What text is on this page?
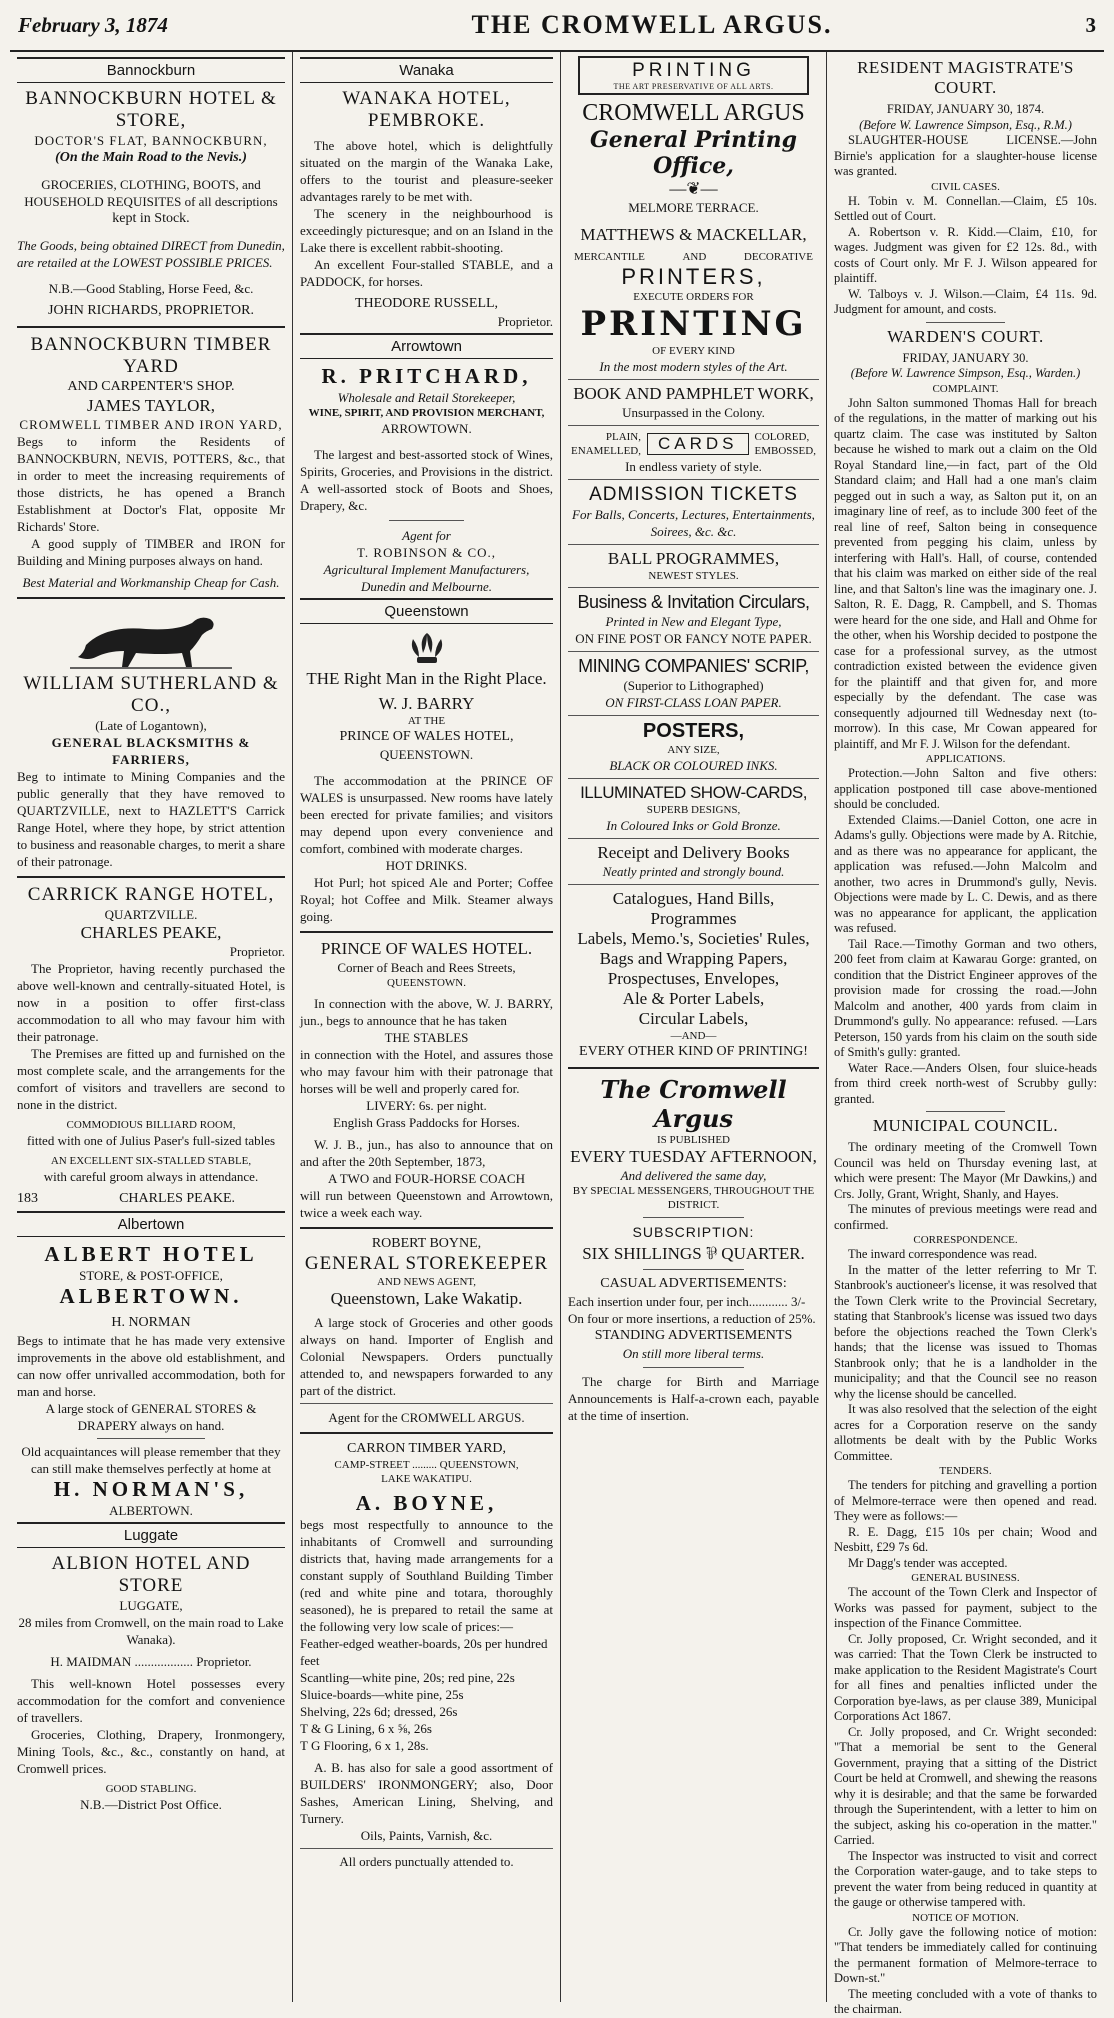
February 3, 1874	THE CROMWELL ARGUS.	3
Bannockburn

BANNOCKBURN HOTEL & STORE,

DOCTOR'S FLAT, BANNOCKBURN,

(On the Main Road to the Nevis.)

GROCERIES, CLOTHING, BOOTS, and HOUSEHOLD REQUISITES of all descriptions

kept in Stock.

The Goods, being obtained DIRECT from Dunedin, are retailed at the LOWEST POSSIBLE PRICES.

N.B.—Good Stabling, Horse Feed, &c.

JOHN RICHARDS, PROPRIETOR.

BANNOCKBURN TIMBER YARD

AND CARPENTER'S SHOP.

JAMES TAYLOR,

CROMWELL TIMBER AND IRON YARD,

Begs to inform the Residents of BANNOCKBURN, NEVIS, POTTERS, &c., that in order to meet the increasing requirements of those districts, he has opened a Branch Establishment at Doctor's Flat, opposite Mr Richards' Store.

A good supply of TIMBER and IRON for Building and Mining purposes always on hand.

Best Material and Workmanship Cheap for Cash.

WILLIAM SUTHERLAND & CO.,

(Late of Logantown),

GENERAL BLACKSMITHS & FARRIERS,

Beg to intimate to Mining Companies and the public generally that they have removed to QUARTZVILLE, next to HAZLETT'S Carrick Range Hotel, where they hope, by strict attention to business and reasonable charges, to merit a share of their patronage.

CARRICK RANGE HOTEL,

QUARTZVILLE.

CHARLES PEAKE,

Proprietor.

The Proprietor, having recently purchased the above well-known and centrally-situated Hotel, is now in a position to offer first-class accommodation to all who may favour him with their patronage.

The Premises are fitted up and furnished on the most complete scale, and the arrangements for the comfort of visitors and travellers are second to none in the district.

COMMODIOUS BILLIARD ROOM,

fitted with one of Julius Paser's full-sized tables

AN EXCELLENT SIX-STALLED STABLE,

with careful groom always in attendance.

183	CHARLES PEAKE.
Albertown

ALBERT HOTEL

STORE, & POST-OFFICE,

ALBERTOWN.

H. NORMAN

Begs to intimate that he has made very extensive improvements in the above old establishment, and can now offer unrivalled accommodation, both for man and horse.

A large stock of GENERAL STORES & DRAPERY always on hand.

Old acquaintances will please remember that they can still make themselves perfectly at home at

H. NORMAN'S,

ALBERTOWN.

Luggate

ALBION HOTEL AND STORE

LUGGATE,

28 miles from Cromwell, on the main road to Lake Wanaka).

H. MAIDMAN .................. Proprietor.

This well-known Hotel possesses every accommodation for the comfort and convenience of travellers.

Groceries, Clothing, Drapery, Ironmongery, Mining Tools, &c., &c., constantly on hand, at Cromwell prices.

GOOD STABLING.

N.B.—District Post Office.

Wanaka

WANAKA HOTEL, PEMBROKE.

The above hotel, which is delightfully situated on the margin of the Wanaka Lake, offers to the tourist and pleasure-seeker advantages rarely to be met with.

The scenery in the neighbourhood is exceedingly picturesque; and on an Island in the Lake there is excellent rabbit-shooting.

An excellent Four-stalled STABLE, and a PADDOCK, for horses.

THEODORE RUSSELL,

Proprietor.

Arrowtown

R. PRITCHARD,

Wholesale and Retail Storekeeper,

WINE, SPIRIT, AND PROVISION MERCHANT,

ARROWTOWN.

The largest and best-assorted stock of Wines, Spirits, Groceries, and Provisions in the district. A well-assorted stock of Boots and Shoes, Drapery, &c.

Agent for

T. ROBINSON & CO.,

Agricultural Implement Manufacturers,

Dunedin and Melbourne.

Queenstown

THE Right Man in the Right Place.

W. J. BARRY

AT THE

PRINCE OF WALES HOTEL,

QUEENSTOWN.

The accommodation at the PRINCE OF WALES is unsurpassed. New rooms have lately been erected for private families; and visitors may depend upon every convenience and comfort, combined with moderate charges.

HOT DRINKS.

Hot Purl; hot spiced Ale and Porter; Coffee Royal; hot Coffee and Milk. Steamer always going.

PRINCE OF WALES HOTEL.

Corner of Beach and Rees Streets,

QUEENSTOWN.

In connection with the above, W. J. BARRY, jun., begs to announce that he has taken

THE STABLES

in connection with the Hotel, and assures those who may favour him with their patronage that horses will be well and properly cared for.

LIVERY: 6s. per night.

English Grass Paddocks for Horses.

W. J. B., jun., has also to announce that on and after the 20th September, 1873,

A TWO and FOUR-HORSE COACH

will run between Queenstown and Arrowtown, twice a week each way.

ROBERT BOYNE,

GENERAL STOREKEEPER

AND NEWS AGENT,

Queenstown, Lake Wakatip.

A large stock of Groceries and other goods always on hand. Importer of English and Colonial Newspapers. Orders punctually attended to, and newspapers forwarded to any part of the district.

Agent for the CROMWELL ARGUS.

CARRON TIMBER YARD,

CAMP-STREET ......... QUEENSTOWN,

LAKE WAKATIPU.

A. BOYNE,

begs most respectfully to announce to the inhabitants of Cromwell and surrounding districts that, having made arrangements for a constant supply of Southland Building Timber (red and white pine and totara, thoroughly seasoned), he is prepared to retail the same at the following very low scale of prices:—

Feather-edged weather-boards, 20s per hundred feet

Scantling—white pine, 20s; red pine, 22s

Sluice-boards—white pine, 25s

Shelving, 22s 6d; dressed, 26s

T & G Lining, 6 x ⅝, 26s

T G Flooring, 6 x 1, 28s.

A. B. has also for sale a good assortment of BUILDERS' IRONMONGERY; also, Door Sashes, American Lining, Shelving, and Turnery.

Oils, Paints, Varnish, &c.

All orders punctually attended to.

PRINTING

THE ART PRESERVATIVE OF ALL ARTS.

CROMWELL ARGUS

General Printing Office,

—❦—

MELMORE TERRACE.

MATTHEWS & MACKELLAR,

MERCANTILE	AND	DECORATIVE

PRINTERS,

EXECUTE ORDERS FOR

PRINTING

OF EVERY KIND

In the most modern styles of the Art.

BOOK AND PAMPHLET WORK,

Unsurpassed in the Colony.

PLAIN,

ENAMELLED,	CARDS	COLORED,

EMBOSSED,

In endless variety of style.

ADMISSION TICKETS

For Balls, Concerts, Lectures, Entertainments, Soirees, &c. &c.

BALL PROGRAMMES,

NEWEST STYLES.

Business & Invitation Circulars,

Printed in New and Elegant Type,

ON FINE POST OR FANCY NOTE PAPER.

MINING COMPANIES' SCRIP,

(Superior to Lithographed)

ON FIRST-CLASS LOAN PAPER.

POSTERS,

ANY SIZE,

BLACK OR COLOURED INKS.

ILLUMINATED SHOW-CARDS,

SUPERB DESIGNS,

In Coloured Inks or Gold Bronze.

Receipt and Delivery Books

Neatly printed and strongly bound.

Catalogues, Hand Bills, Programmes

Labels, Memo.'s, Societies' Rules,

Bags and Wrapping Papers,

Prospectuses, Envelopes,

Ale & Porter Labels,

Circular Labels,

—AND—

EVERY OTHER KIND OF PRINTING!

The Cromwell Argus

IS PUBLISHED

EVERY TUESDAY AFTERNOON,

And delivered the same day,

BY SPECIAL MESSENGERS, THROUGHOUT THE DISTRICT.

SUBSCRIPTION:

SIX SHILLINGS ⅌ QUARTER.

CASUAL ADVERTISEMENTS:

Each insertion under four, per inch............ 3/-

On four or more insertions, a reduction of 25%.

STANDING ADVERTISEMENTS

On still more liberal terms.

The charge for Birth and Marriage Announcements is Half-a-crown each, payable at the time of insertion.

RESIDENT MAGISTRATE'S COURT.

FRIDAY, JANUARY 30, 1874.

(Before W. Lawrence Simpson, Esq., R.M.)

SLAUGHTER-HOUSE LICENSE.—John Birnie's application for a slaughter-house license was granted.

CIVIL CASES.

H. Tobin v. M. Connellan.—Claim, £5 10s. Settled out of Court.

A. Robertson v. R. Kidd.—Claim, £10, for wages. Judgment was given for £2 12s. 8d., with costs of Court only. Mr F. J. Wilson appeared for plaintiff.

W. Talboys v. J. Wilson.—Claim, £4 11s. 9d. Judgment for amount, and costs.

WARDEN'S COURT.

FRIDAY, JANUARY 30.

(Before W. Lawrence Simpson, Esq., Warden.)

COMPLAINT.

John Salton summoned Thomas Hall for breach of the regulations, in the matter of marking out his quartz claim. The case was instituted by Salton because he wished to mark out a claim on the Old Royal Standard line,—in fact, part of the Old Standard claim; and Hall had a one man's claim pegged out in such a way, as Salton put it, on an imaginary line of reef, as to include 300 feet of the real line of reef, Salton being in consequence prevented from pegging his claim, unless by interfering with Hall's. Hall, of course, contended that his claim was marked on either side of the real line, and that Salton's line was the imaginary one. J. Salton, R. E. Dagg, R. Campbell, and S. Thomas were heard for the one side, and Hall and Ohme for the other, when his Worship decided to postpone the case for a professional survey, as the utmost contradiction existed between the evidence given for the plaintiff and that given for, and more especially by the defendant. The case was consequently adjourned till Wednesday next (to-morrow). In this case, Mr Cowan appeared for plaintiff, and Mr F. J. Wilson for the defendant.

APPLICATIONS.

Protection.—John Salton and five others: application postponed till case above-mentioned should be concluded.

Extended Claims.—Daniel Cotton, one acre in Adams's gully. Objections were made by A. Ritchie, and as there was no appearance for applicant, the application was refused.—John Malcolm and another, two acres in Drummond's gully, Nevis. Objections were made by L. C. Dewis, and as there was no appearance for applicant, the application was refused.

Tail Race.—Timothy Gorman and two others, 200 feet from claim at Kawarau Gorge: granted, on condition that the District Engineer approves of the provision made for crossing the road.—John Malcolm and another, 400 yards from claim in Drummond's gully. No appearance: refused. —Lars Peterson, 150 yards from his claim on the south side of Smith's gully: granted.

Water Race.—Anders Olsen, four sluice-heads from third creek north-west of Scrubby gully: granted.

MUNICIPAL COUNCIL.

The ordinary meeting of the Cromwell Town Council was held on Thursday evening last, at which were present: The Mayor (Mr Dawkins,) and Crs. Jolly, Grant, Wright, Shanly, and Hayes.

The minutes of previous meetings were read and confirmed.

CORRESPONDENCE.

The inward correspondence was read.

In the matter of the letter referring to Mr T. Stanbrook's auctioneer's license, it was resolved that the Town Clerk write to the Provincial Secretary, stating that Stanbrook's license was issued two days before the objections reached the Town Clerk's hands; that the license was issued to Thomas Stanbrook only; that he is a landholder in the municipality; and that the Council see no reason why the license should be cancelled.

It was also resolved that the selection of the eight acres for a Corporation reserve on the sandy allotments be dealt with by the Public Works Committee.

TENDERS.

The tenders for pitching and gravelling a portion of Melmore-terrace were then opened and read. They were as follows:—

R. E. Dagg, £15 10s per chain; Wood and Nesbitt, £29 7s 6d.

Mr Dagg's tender was accepted.

GENERAL BUSINESS.

The account of the Town Clerk and Inspector of Works was passed for payment, subject to the inspection of the Finance Committee.

Cr. Jolly proposed, Cr. Wright seconded, and it was carried: That the Town Clerk be instructed to make application to the Resident Magistrate's Court for all fines and penalties inflicted under the Corporation bye-laws, as per clause 389, Municipal Corporations Act 1867.

Cr. Jolly proposed, and Cr. Wright seconded: "That a memorial be sent to the General Government, praying that a sitting of the District Court be held at Cromwell, and shewing the reasons why it is desirable; and that the same be forwarded through the Superintendent, with a letter to him on the subject, asking his co-operation in the matter." Carried.

The Inspector was instructed to visit and correct the Corporation water-gauge, and to take steps to prevent the water from being reduced in quantity at the gauge or otherwise tampered with.

NOTICE OF MOTION.

Cr. Jolly gave the following notice of motion: "That tenders be immediately called for continuing the permanent formation of Melmore-terrace to Down-st."

The meeting concluded with a vote of thanks to the chairman.
